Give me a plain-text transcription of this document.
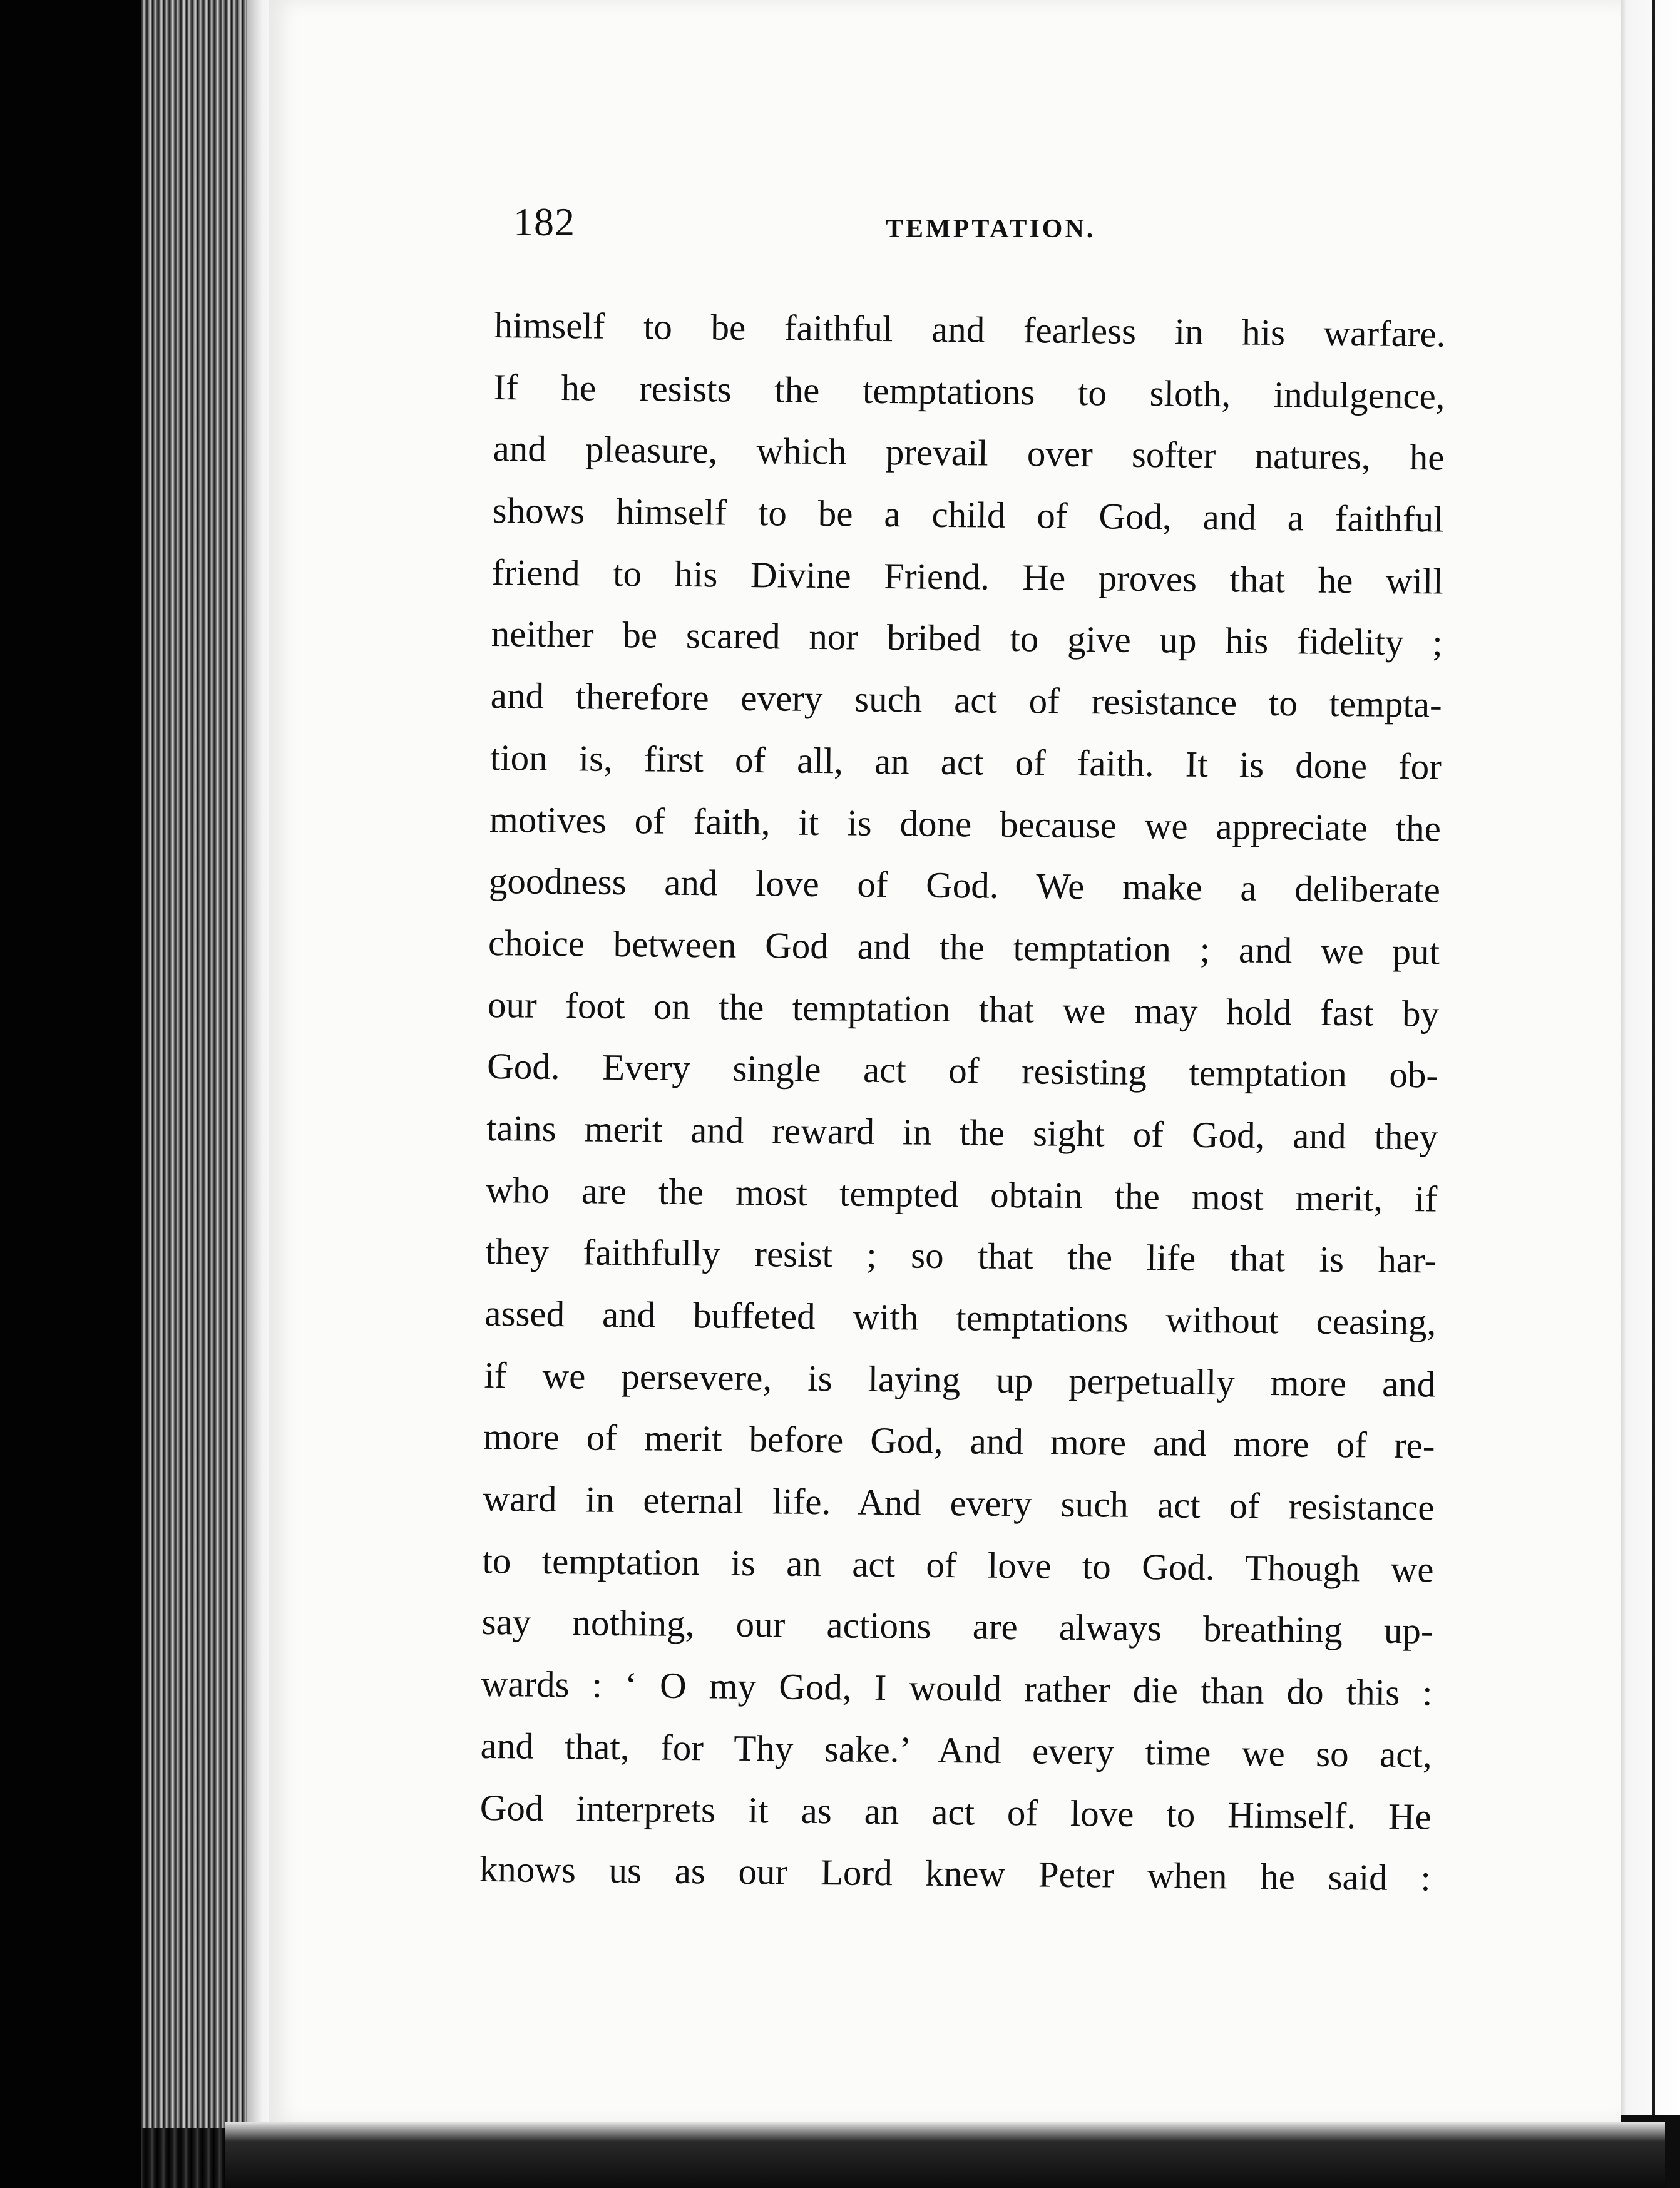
182	TEMPTATION.
himself to be faithful and fearless in his warfare.
If he resists the temptations to sloth, indulgence,
and pleasure, which prevail over softer natures, he
shows himself to be a child of God, and a faithful
friend to his Divine Friend. He proves that he will
neither be scared nor bribed to give up his fidelity ;
and therefore every such act of resistance to tempta-
tion is, first of all, an act of faith. It is done for
motives of faith, it is done because we appreciate the
goodness and love of God. We make a deliberate
choice between God and the temptation ; and we put
our foot on the temptation that we may hold fast by
God. Every single act of resisting temptation ob-
tains merit and reward in the sight of God, and they
who are the most tempted obtain the most merit, if
they faithfully resist ; so that the life that is har-
assed and buffeted with temptations without ceasing,
if we persevere, is laying up perpetually more and
more of merit before God, and more and more of re-
ward in eternal life. And every such act of resistance
to temptation is an act of love to God. Though we
say nothing, our actions are always breathing up-
wards : ‘ O my God, I would rather die than do this :
and that, for Thy sake.’ And every time we so act,
God interprets it as an act of love to Himself. He
knows us as our Lord knew Peter when he said :
